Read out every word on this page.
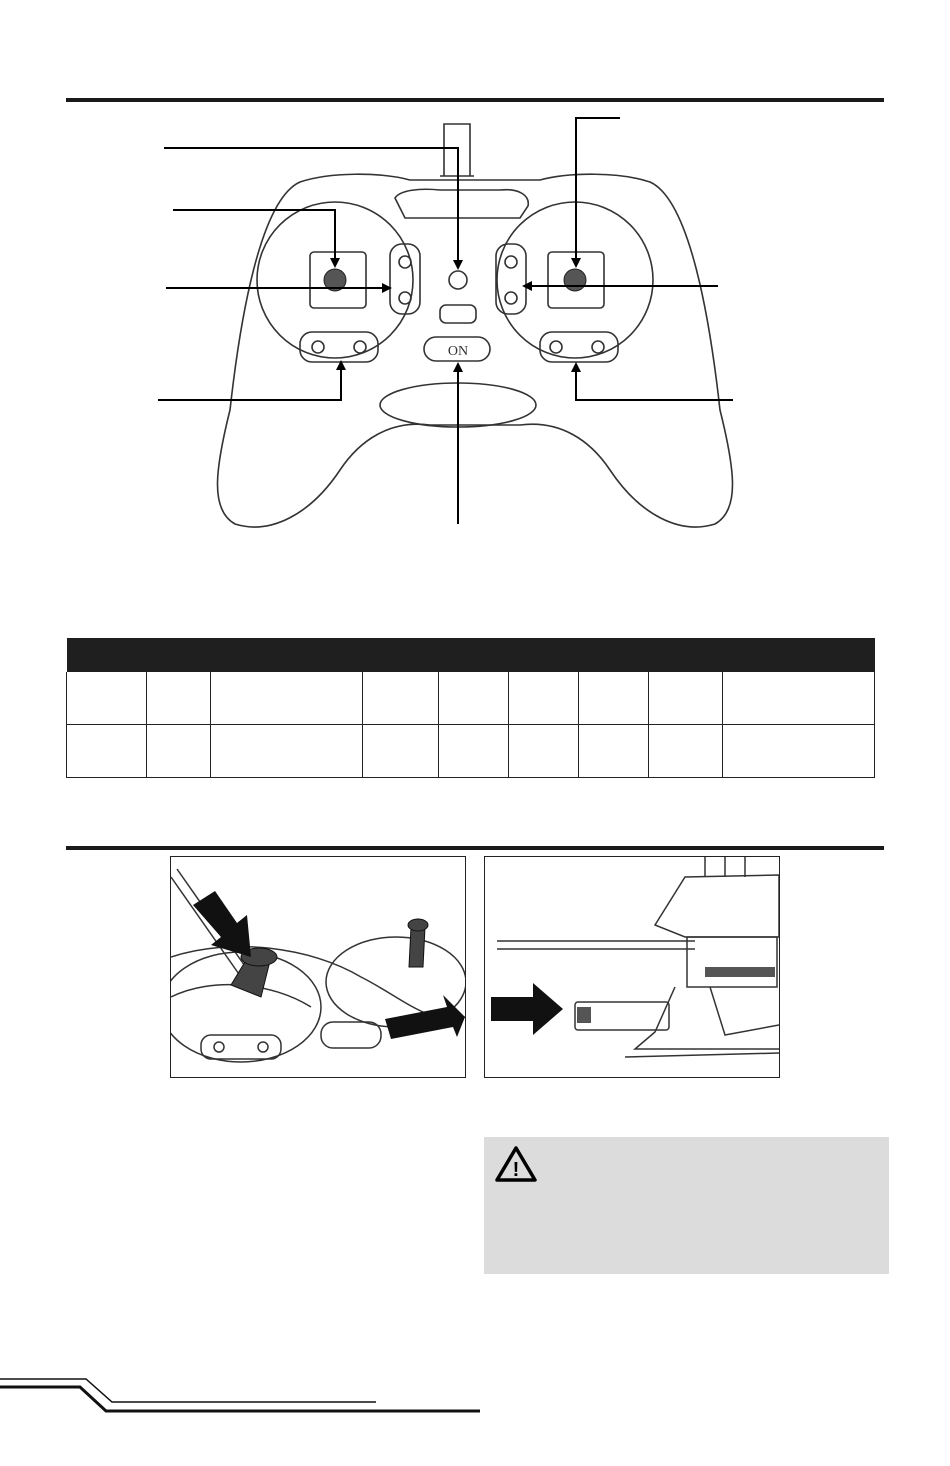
ON

!
